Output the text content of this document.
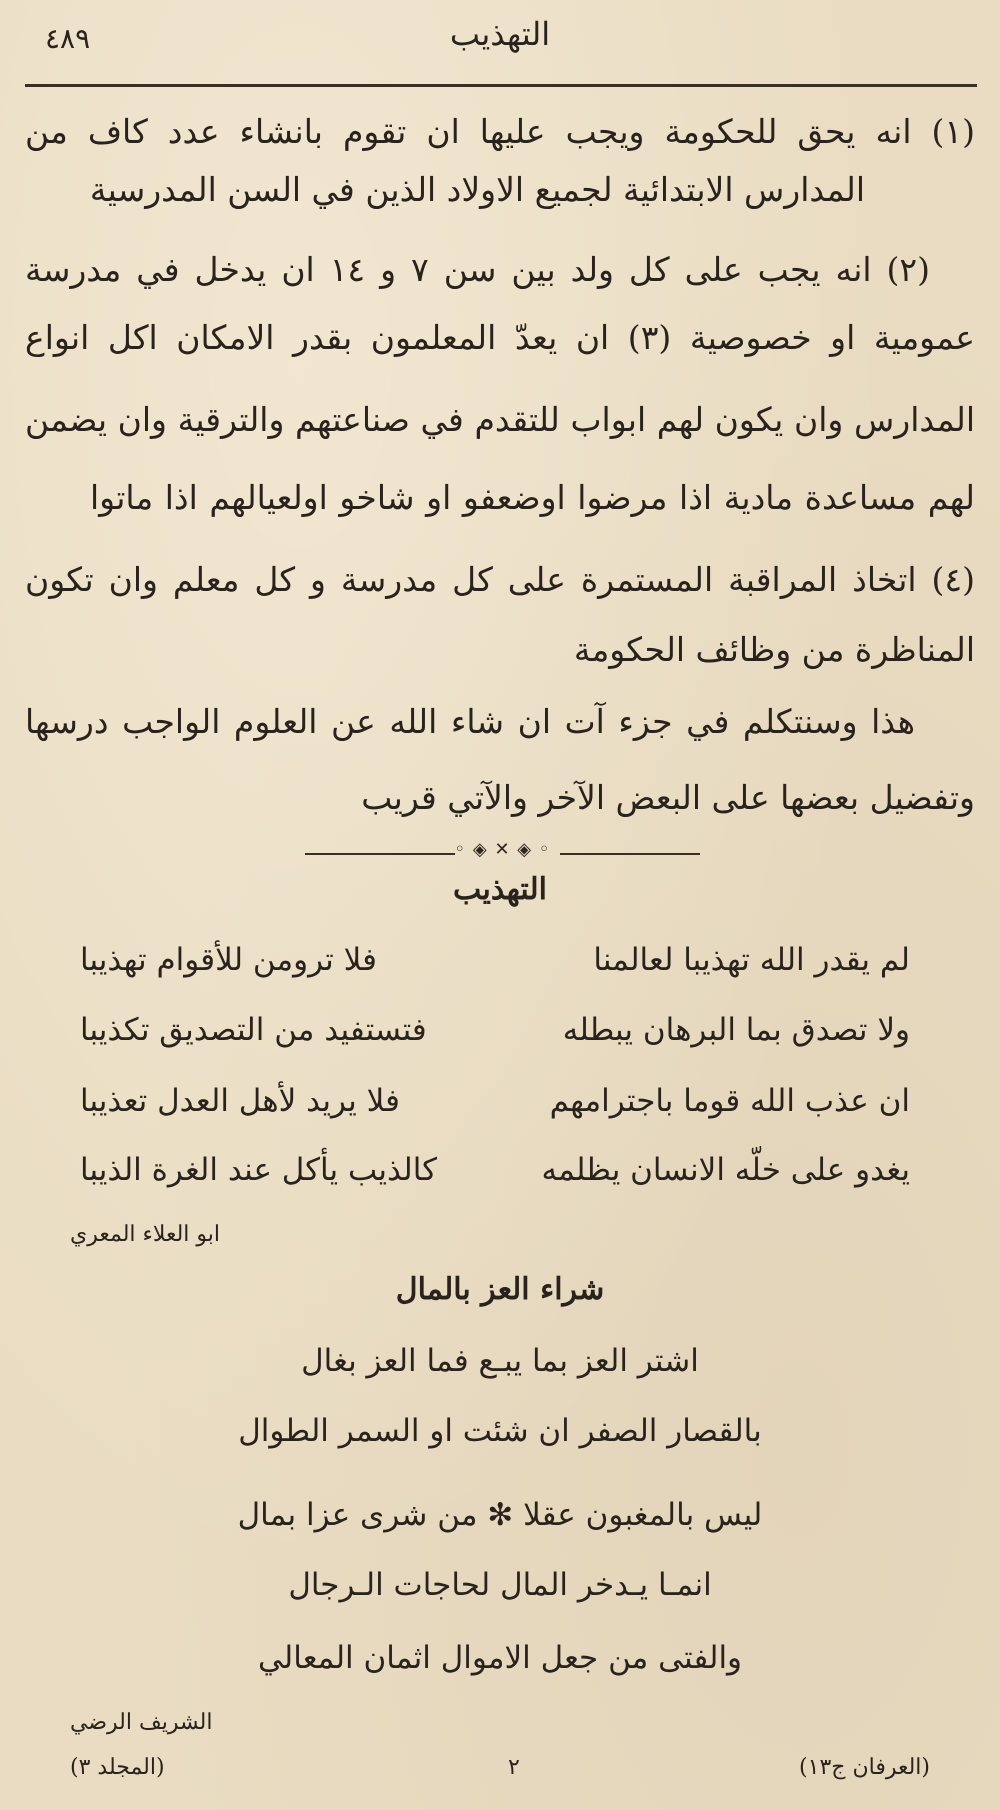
٤٨٩	التهذيب
(١) انه يحق للحكومة ويجب عليها ان تقوم بانشاء عدد كاف من
المدارس الابتدائية لجميع الاولاد الذين في السن المدرسية
(٢) انه يجب على كل ولد بين سن ٧ و ١٤ ان يدخل في مدرسة
عمومية او خصوصية (٣) ان يعدّ المعلمون بقدر الامكان اكل انواع
المدارس وان يكون لهم ابواب للتقدم في صناعتهم والترقية وان يضمن
لهم مساعدة مادية اذا مرضوا اوضعفو او شاخو اولعيالهم اذا ماتوا
(٤) اتخاذ المراقبة المستمرة على كل مدرسة و كل معلم وان تكون
المناظرة من وظائف الحكومة
هذا وسنتكلم في جزء آت ان شاء الله عن العلوم الواجب درسها
وتفضيل بعضها على البعض الآخر والآتي قريب
◦ ◈ ✕ ◈ ◦
التهذيب
لم يقدر الله تهذيبا لعالمنا
فلا ترومن للأقوام تهذيبا
ولا تصدق بما البرهان يبطله
فتستفيد من التصديق تكذيبا
ان عذب الله قوما باجترامهم
فلا يريد لأهل العدل تعذيبا
يغدو على خلّه الانسان يظلمه
كالذيب يأكل عند الغرة الذيبا
ابو العلاء المعري
شراء العز بالمال
اشتر العز بما يبـع فما العز بغال
بالقصار الصفر ان شئت او السمر الطوال
ليس بالمغبون عقلا ✻ من شرى عزا بمال
انمـا يـدخر المال لحاجات الـرجال
والفتى من جعل الاموال اثمان المعالي
الشريف الرضي
(العرفان ج١٣)
٢
(المجلد ٣)
